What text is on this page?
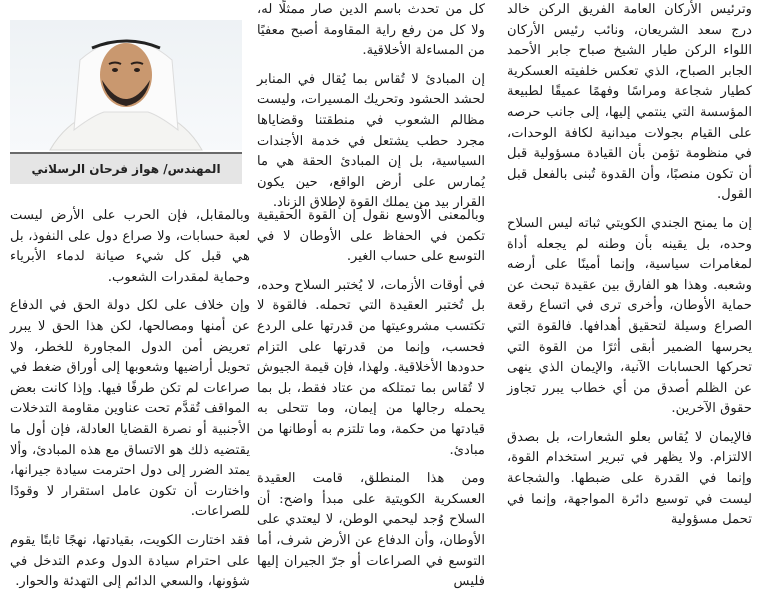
وترئيس الأركان العامة الفريق الركن خالد درج سعد الشريعان، ونائب رئيس الأركان اللواء الركن طيار الشيخ صباح جابر الأحمد الجابر الصباح، الذي تعكس خلفيته العسكرية كطيار شجاعة ومراسًا وفهمًا عميقًا لطبيعة المؤسسة التي ينتمي إليها، إلى جانب حرصه على القيام بجولات ميدانية لكافة الوحدات، في منظومة تؤمن بأن القيادة مسؤولية قبل أن تكون منصبًا، وأن القدوة تُبنى بالفعل قبل القول.

إن ما يمنح الجندي الكويتي ثباته ليس السلاح وحده، بل يقينه بأن وطنه لم يجعله أداة لمغامرات سياسية، وإنما أمينًا على أرضه وشعبه. وهذا هو الفارق بين عقيدة تبحث عن حماية الأوطان، وأخرى ترى في اتساع رقعة الصراع وسيلة لتحقيق أهدافها. فالقوة التي يحرسها الضمير أبقى أثرًا من القوة التي تحركها الحسابات الآنية، والإيمان الذي ينهى عن الظلم أصدق من أي خطاب يبرر تجاوز حقوق الآخرين.

فالإيمان لا يُقاس بعلو الشعارات، بل بصدق الالتزام. ولا يظهر في تبرير استخدام القوة، وإنما في القدرة على ضبطها. والشجاعة ليست في توسيع دائرة المواجهة، وإنما في تحمل مسؤولية

كل من تحدث باسم الدين صار ممثلًا له، ولا كل من رفع راية المقاومة أصبح معفيًا من المساءلة الأخلاقية.

إن المبادئ لا تُقاس بما يُقال في المنابر لحشد الحشود وتحريك المسيرات، وليست مظالم الشعوب في منطقتنا وقضاياها مجرد حطب يشتعل في خدمة الأجندات السياسية، بل إن المبادئ الحقة هي ما يُمارس على أرض الواقع، حين يكون القرار بيد من يملك القوة لإطلاق الزناد.

وبالمعنى الأوسع نقول إن القوة الحقيقية تكمن في الحفاظ على الأوطان لا في التوسع على حساب الغير.

في أوقات الأزمات، لا يُختبر السلاح وحده، بل تُختبر العقيدة التي تحمله. فالقوة لا تكتسب مشروعيتها من قدرتها على الردع فحسب، وإنما من قدرتها على التزام حدودها الأخلاقية. ولهذا، فإن قيمة الجيوش لا تُقاس بما تمتلكه من عتاد فقط، بل بما يحمله رجالها من إيمان، وما تتحلى به قيادتها من حكمة، وما تلتزم به أوطانها من مبادئ.

ومن هذا المنطلق، قامت العقيدة العسكرية الكويتية على مبدأ واضح: أن السلاح وُجد ليحمي الوطن، لا ليعتدي على الأوطان، وأن الدفاع عن الأرض شرف، أما التوسع في الصراعات أو جرّ الجيران إليها فليس

وبالمقابل، فإن الحرب على الأرض ليست لعبة حسابات، ولا صراع دول على النفوذ، بل هي قبل كل شيء صيانة لدماء الأبرياء وحماية لمقدرات الشعوب.

وإن خلاف على لكل دولة الحق في الدفاع عن أمنها ومصالحها، لكن هذا الحق لا يبرر تعريض أمن الدول المجاورة للخطر، ولا تحويل أراضيها وشعوبها إلى أوراق ضغط في صراعات لم تكن طرفًا فيها. وإذا كانت بعض المواقف تُقدَّم تحت عناوين مقاومة التدخلات الأجنبية أو نصرة القضايا العادلة، فإن أول ما يقتضيه ذلك هو الاتساق مع هذه المبادئ، وألا يمتد الضرر إلى دول احترمت سيادة جيرانها، واختارت أن تكون عامل استقرار لا وقودًا للصراعات.

فقد اختارت الكويت، بقيادتها، نهجًا ثابتًا يقوم على احترام سيادة الدول وعدم التدخل في شؤونها، والسعي الدائم إلى التهدئة والحوار.

المهندس/ هواز فرحان الرسلاني
